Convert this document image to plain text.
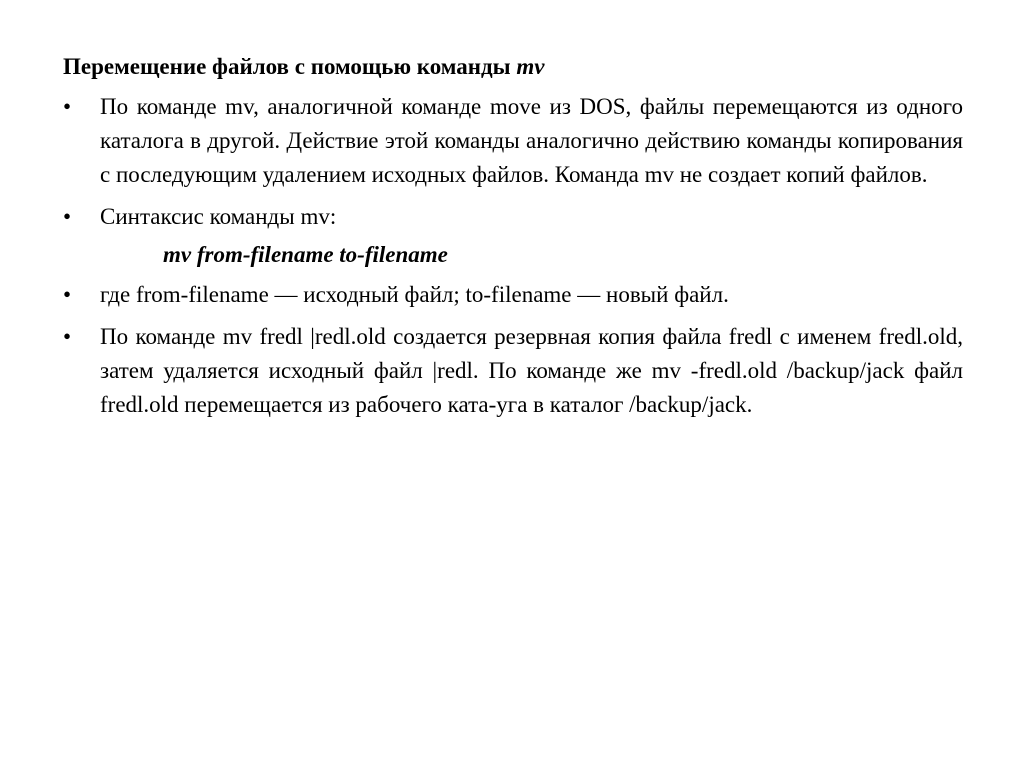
Перемещение файлов с помощью команды mv
•	По команде mv, аналогичной команде move из DOS, файлы перемещаются из одного каталога в другой. Действие этой команды аналогично действию команды копирования с последующим удалением исходных файлов. Команда mv не создает копий файлов.
•	Синтаксис команды mv:
mv from-filename to-filename
•	где from-filename — исходный файл; to-filename — новый файл.
•	По команде mv fredl |redl.old создается резервная копия файла fredl с именем fredl.old, затем удаляется исходный файл |redl. По команде же mv -fredl.old /backup/jack файл fredl.old перемещается из рабочего ката-уга в каталог /backup/jack.
